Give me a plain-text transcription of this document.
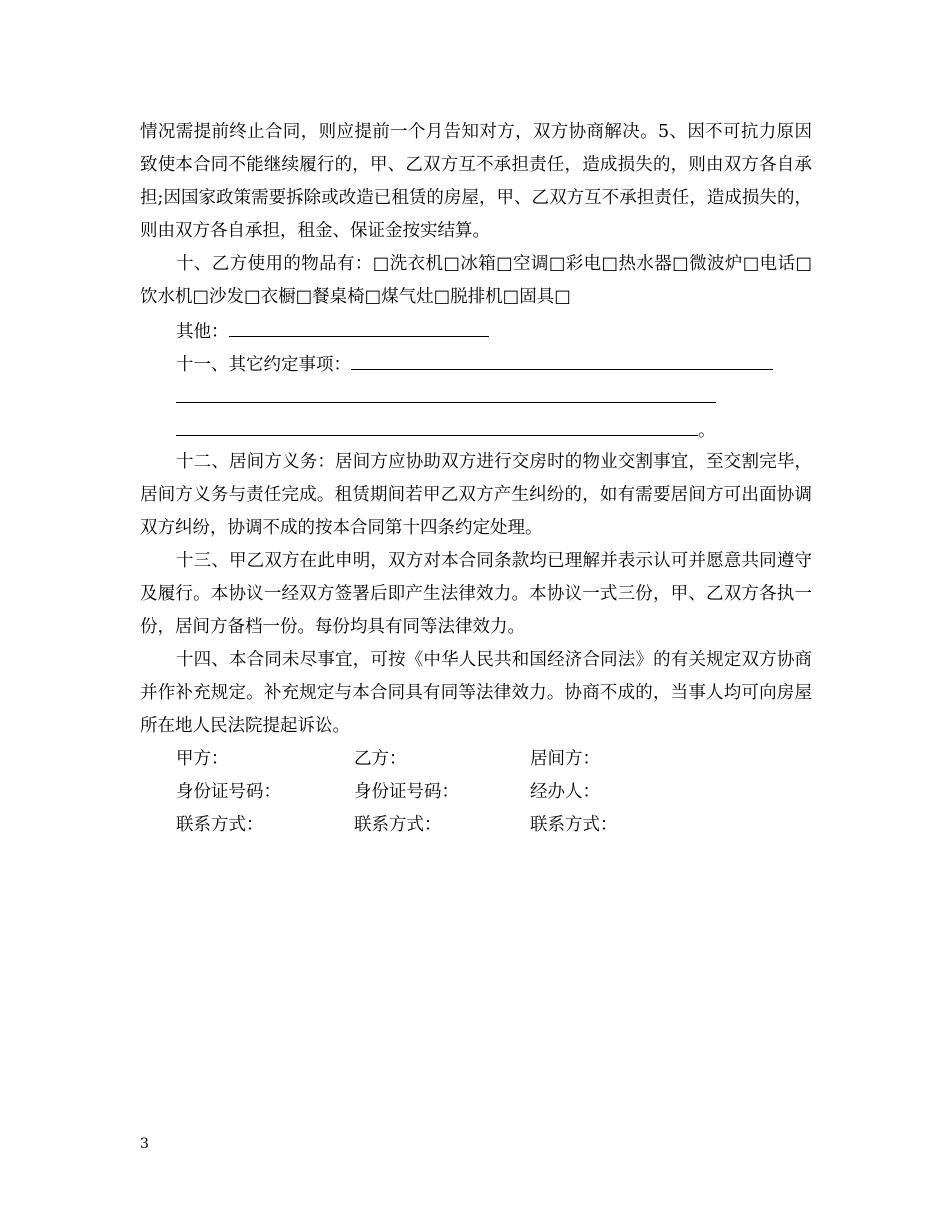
情况需提前终止合同，则应提前一个月告知对方，双方协商解决。5、因不可抗力原因致使本合同不能继续履行的，甲、乙双方互不承担责任，造成损失的，则由双方各自承担;因国家政策需要拆除或改造已租赁的房屋，甲、乙双方互不承担责任，造成损失的，则由双方各自承担，租金、保证金按实结算。

十、乙方使用的物品有：□洗衣机□冰箱□空调□彩电□热水器□微波炉□电话□饮水机□沙发□衣橱□餐桌椅□煤气灶□脱排机□固具□

其他：
十一、其它约定事项：
。

十二、居间方义务：居间方应协助双方进行交房时的物业交割事宜，至交割完毕，居间方义务与责任完成。租赁期间若甲乙双方产生纠纷的，如有需要居间方可出面协调双方纠纷，协调不成的按本合同第十四条约定处理。

十三、甲乙双方在此申明，双方对本合同条款均已理解并表示认可并愿意共同遵守及履行。本协议一经双方签署后即产生法律效力。本协议一式三份，甲、乙双方各执一份，居间方备档一份。每份均具有同等法律效力。

十四、本合同未尽事宜，可按《中华人民共和国经济合同法》的有关规定双方协商并作补充规定。补充规定与本合同具有同等法律效力。协商不成的，当事人均可向房屋所在地人民法院提起诉讼。

甲方：	乙方：	居间方：
身份证号码：	身份证号码：	经办人：
联系方式：	联系方式：	联系方式：
3
